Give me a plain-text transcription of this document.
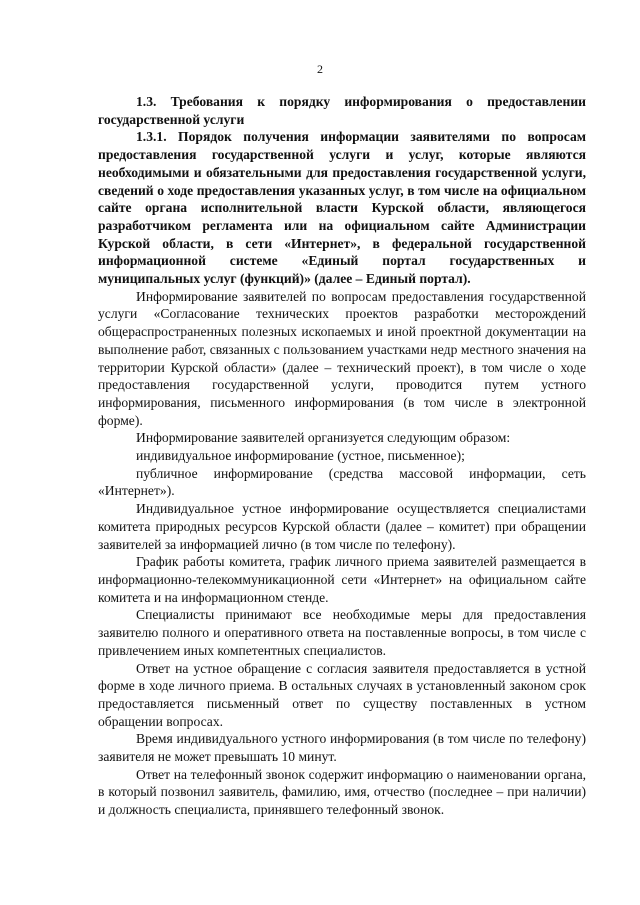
2

1.3. Требования к порядку информирования о предоставлении государственной услуги

1.3.1. Порядок получения информации заявителями по вопросам предоставления государственной услуги и услуг, которые являются необходимыми и обязательными для предоставления государственной услуги, сведений о ходе предоставления указанных услуг, в том числе на официальном сайте органа исполнительной власти Курской области, являющегося разработчиком регламента или на официальном сайте Администрации Курской области, в сети «Интернет», в федеральной государственной информационной системе «Единый портал государственных и муниципальных услуг (функций)» (далее – Единый портал).

Информирование заявителей по вопросам предоставления государственной услуги «Согласование технических проектов разработки месторождений общераспространенных полезных ископаемых и иной проектной документации на выполнение работ, связанных с пользованием участками недр местного значения на территории Курской области» (далее – технический проект), в том числе о ходе предоставления государственной услуги, проводится путем устного информирования, письменного информирования (в том числе в электронной форме).

Информирование заявителей организуется следующим образом:

индивидуальное информирование (устное, письменное);

публичное информирование (средства массовой информации, сеть «Интернет»).

Индивидуальное устное информирование осуществляется специалистами комитета природных ресурсов Курской области (далее – комитет) при обращении заявителей за информацией лично (в том числе по телефону).

График работы комитета, график личного приема заявителей размещается в информационно-телекоммуникационной сети «Интернет» на официальном сайте комитета и на информационном стенде.

Специалисты принимают все необходимые меры для предоставления заявителю полного и оперативного ответа на поставленные вопросы, в том числе с привлечением иных компетентных специалистов.

Ответ на устное обращение с согласия заявителя предоставляется в устной форме в ходе личного приема. В остальных случаях в установленный законом срок предоставляется письменный ответ по существу поставленных в устном обращении вопросах.

Время индивидуального устного информирования (в том числе по телефону) заявителя не может превышать 10 минут.

Ответ на телефонный звонок содержит информацию о наименовании органа, в который позвонил заявитель, фамилию, имя, отчество (последнее – при наличии) и должность специалиста, принявшего телефонный звонок.
